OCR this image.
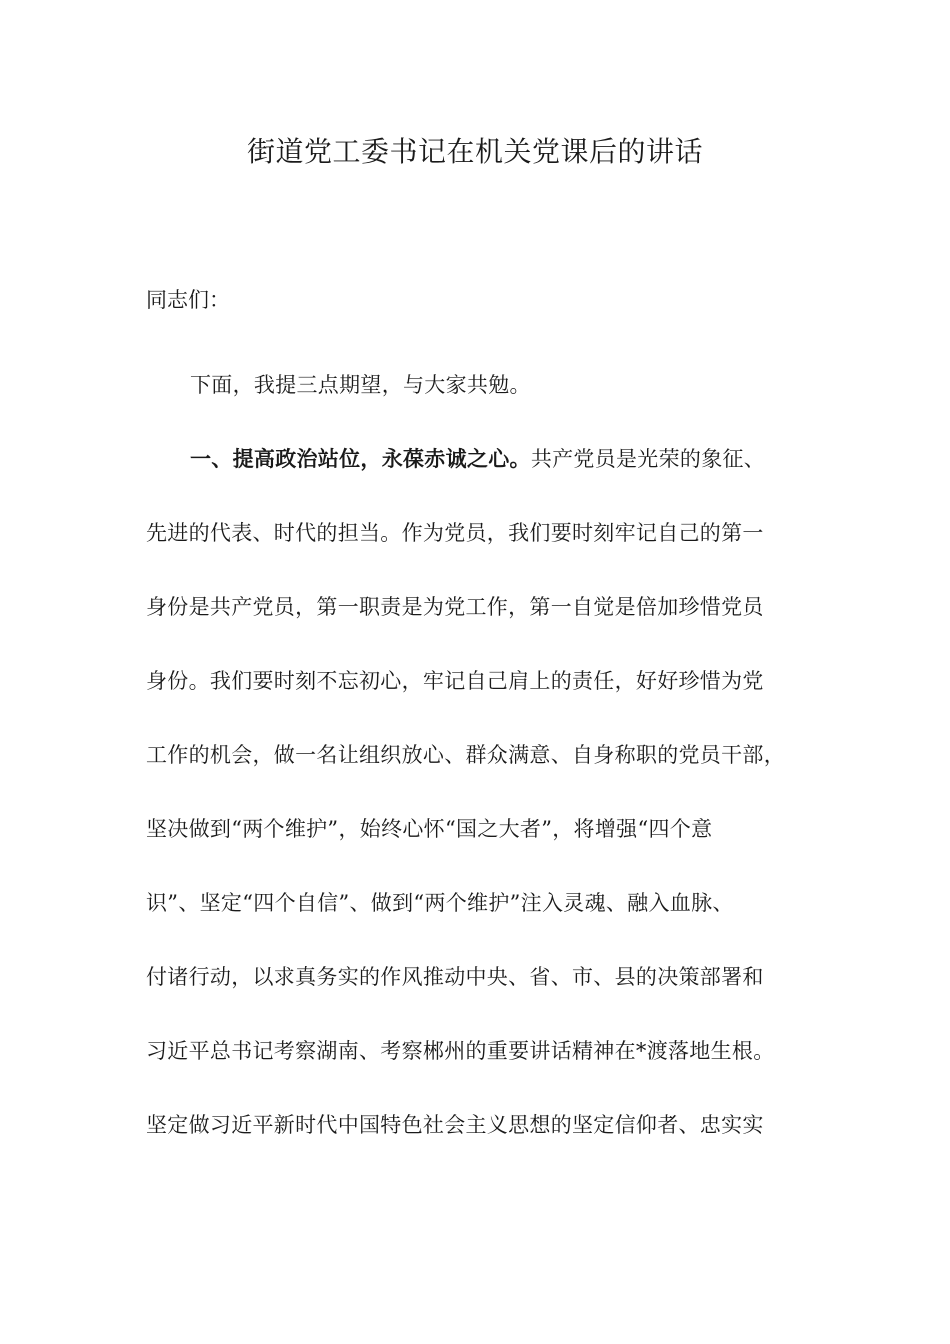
街道党工委书记在机关党课后的讲话

同志们：

下面，我提三点期望，与大家共勉。

一、提高政治站位，永葆赤诚之心。共产党员是光荣的象征、
先进的代表、时代的担当。作为党员，我们要时刻牢记自己的第一
身份是共产党员，第一职责是为党工作，第一自觉是倍加珍惜党员
身份。我们要时刻不忘初心，牢记自己肩上的责任，好好珍惜为党
工作的机会，做一名让组织放心、群众满意、自身称职的党员干部，
坚决做到“两个维护”，始终心怀“国之大者”，将增强“四个意
识”、坚定“四个自信”、做到“两个维护”注入灵魂、融入血脉、
付诸行动，以求真务实的作风推动中央、省、市、县的决策部署和
习近平总书记考察湖南、考察郴州的重要讲话精神在*渡落地生根。
坚定做习近平新时代中国特色社会主义思想的坚定信仰者、忠实实
